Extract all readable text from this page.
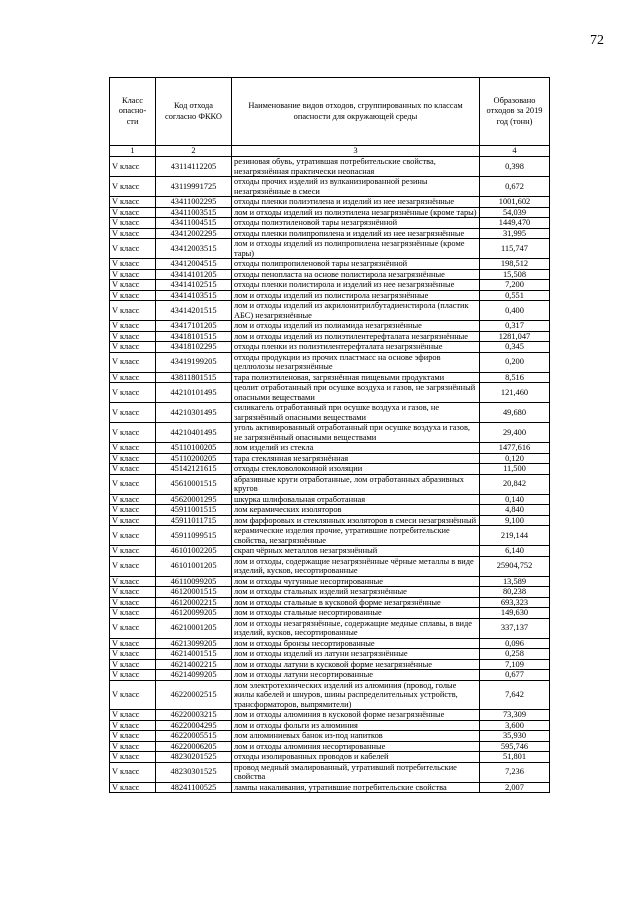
72
Класс опасно-сти	Код отхода согласно ФККО	Наименование видов отходов, сгруппированных по классам опасности для окружающей среды	Образовано отходов за 2019 год (тонн)
1	2	3	4
V класс	43114112205	резиновая обувь, утратившая потребительские свойства, незагрязнённая практически неопасная	0,398
V класс	43119991725	отходы прочих изделий из вулканизированной резины незагрязнённые в смеси	0,672
V класс	43411002295	отходы пленки полиэтилена и изделий из нее незагрязнённые	1001,602
V класс	43411003515	лом и отходы изделий из полиэтилена незагрязнённые (кроме тары)	54,039
V класс	43411004515	отходы полиэтиленовой тары незагрязнённой	1449,470
V класс	43412002295	отходы пленки полипропилена и изделий из нее незагрязнённые	31,995
V класс	43412003515	лом и отходы изделий из полипропилена незагрязнённые (кроме тары)	115,747
V класс	43412004515	отходы полипропиленовой тары незагрязнённой	198,512
V класс	43414101205	отходы пенопласта на основе полистирола незагрязнённые	15,508
V класс	43414102515	отходы пленки полистирола и изделий из нее незагрязнённые	7,200
V класс	43414103515	лом и отходы изделий из полистирола незагрязнённые	0,551
V класс	43414201515	лом и отходы изделий из акрилонитрилбутадиенстирола (пластик АБС) незагрязнённые	0,400
V класс	43417101205	лом и отходы изделий из полиамида незагрязнённые	0,317
V класс	43418101515	лом и отходы изделий из полиэтилентерефталата незагрязнённые	1281,047
V класс	43418102295	отходы пленки из полиэтилентерефталата незагрязнённые	0,345
V класс	43419199205	отходы продукции из прочих пластмасс на основе эфиров целлюлозы незагрязнённые	0,200
V класс	43811801515	тара полиэтиленовая, загрязнённая пищевыми продуктами	8,516
V класс	44210101495	цеолит отработанный при осушке воздуха и газов, не загрязнённый опасными веществами	121,460
V класс	44210301495	силикагель отработанный при осушке воздуха и газов, не загрязнённый опасными веществами	49,680
V класс	44210401495	уголь активированный отработанный при осушке воздуха и газов, не загрязнённый опасными веществами	29,400
V класс	45110100205	лом изделий из стекла	1477,616
V класс	45110200205	тара стеклянная незагрязнённая	0,120
V класс	45142121615	отходы стекловолоконной изоляции	11,500
V класс	45610001515	абразивные круги отработанные, лом отработанных абразивных кругов	20,842
V класс	45620001295	шкурка шлифовальная отработанная	0,140
V класс	45911001515	лом керамических изоляторов	4,840
V класс	45911011715	лом фарфоровых и стеклянных изоляторов в смеси незагрязнённый	9,100
V класс	45911099515	керамические изделия прочие, утратившие потребительские свойства, незагрязнённые	219,144
V класс	46101002205	скрап чёрных металлов незагрязнённый	6,140
V класс	46101001205	лом и отходы, содержащие незагрязнённые чёрные металлы в виде изделий, кусков, несортированные	25904,752
V класс	46110099205	лом и отходы чугунные несортированные	13,589
V класс	46120001515	лом и отходы стальных изделий незагрязнённые	80,238
V класс	46120002215	лом и отходы стальные в кусковой форме незагрязнённые	693,323
V класс	46120099205	лом и отходы стальные несортированные	149,630
V класс	46210001205	лом и отходы незагрязнённые, содержащие медные сплавы, в виде изделий, кусков, несортированные	337,137
V класс	46213099205	лом и отходы бронзы несортированные	0,096
V класс	46214001515	лом и отходы изделий из латуни незагрязнённые	0,258
V класс	46214002215	лом и отходы латуни в кусковой форме незагрязнённые	7,109
V класс	46214099205	лом и отходы латуни несортированные	0,677
V класс	46220002515	лом электротехнических изделий из алюминия (провод, голые жилы кабелей и шнуров, шины распределительных устройств, трансформаторов, выпрямители)	7,642
V класс	46220003215	лом и отходы алюминия в кусковой форме незагрязнённые	73,309
V класс	46220004295	лом и отходы фольги из алюминия	3,600
V класс	46220005515	лом алюминиевых банок из-под напитков	35,930
V класс	46220006205	лом и отходы алюминия несортированные	595,746
V класс	48230201525	отходы изолированных проводов и кабелей	51,801
V класс	48230301525	провод медный эмалированный, утративший потребительские свойства	7,236
V класс	48241100525	лампы накаливания, утратившие потребительские свойства	2,007
